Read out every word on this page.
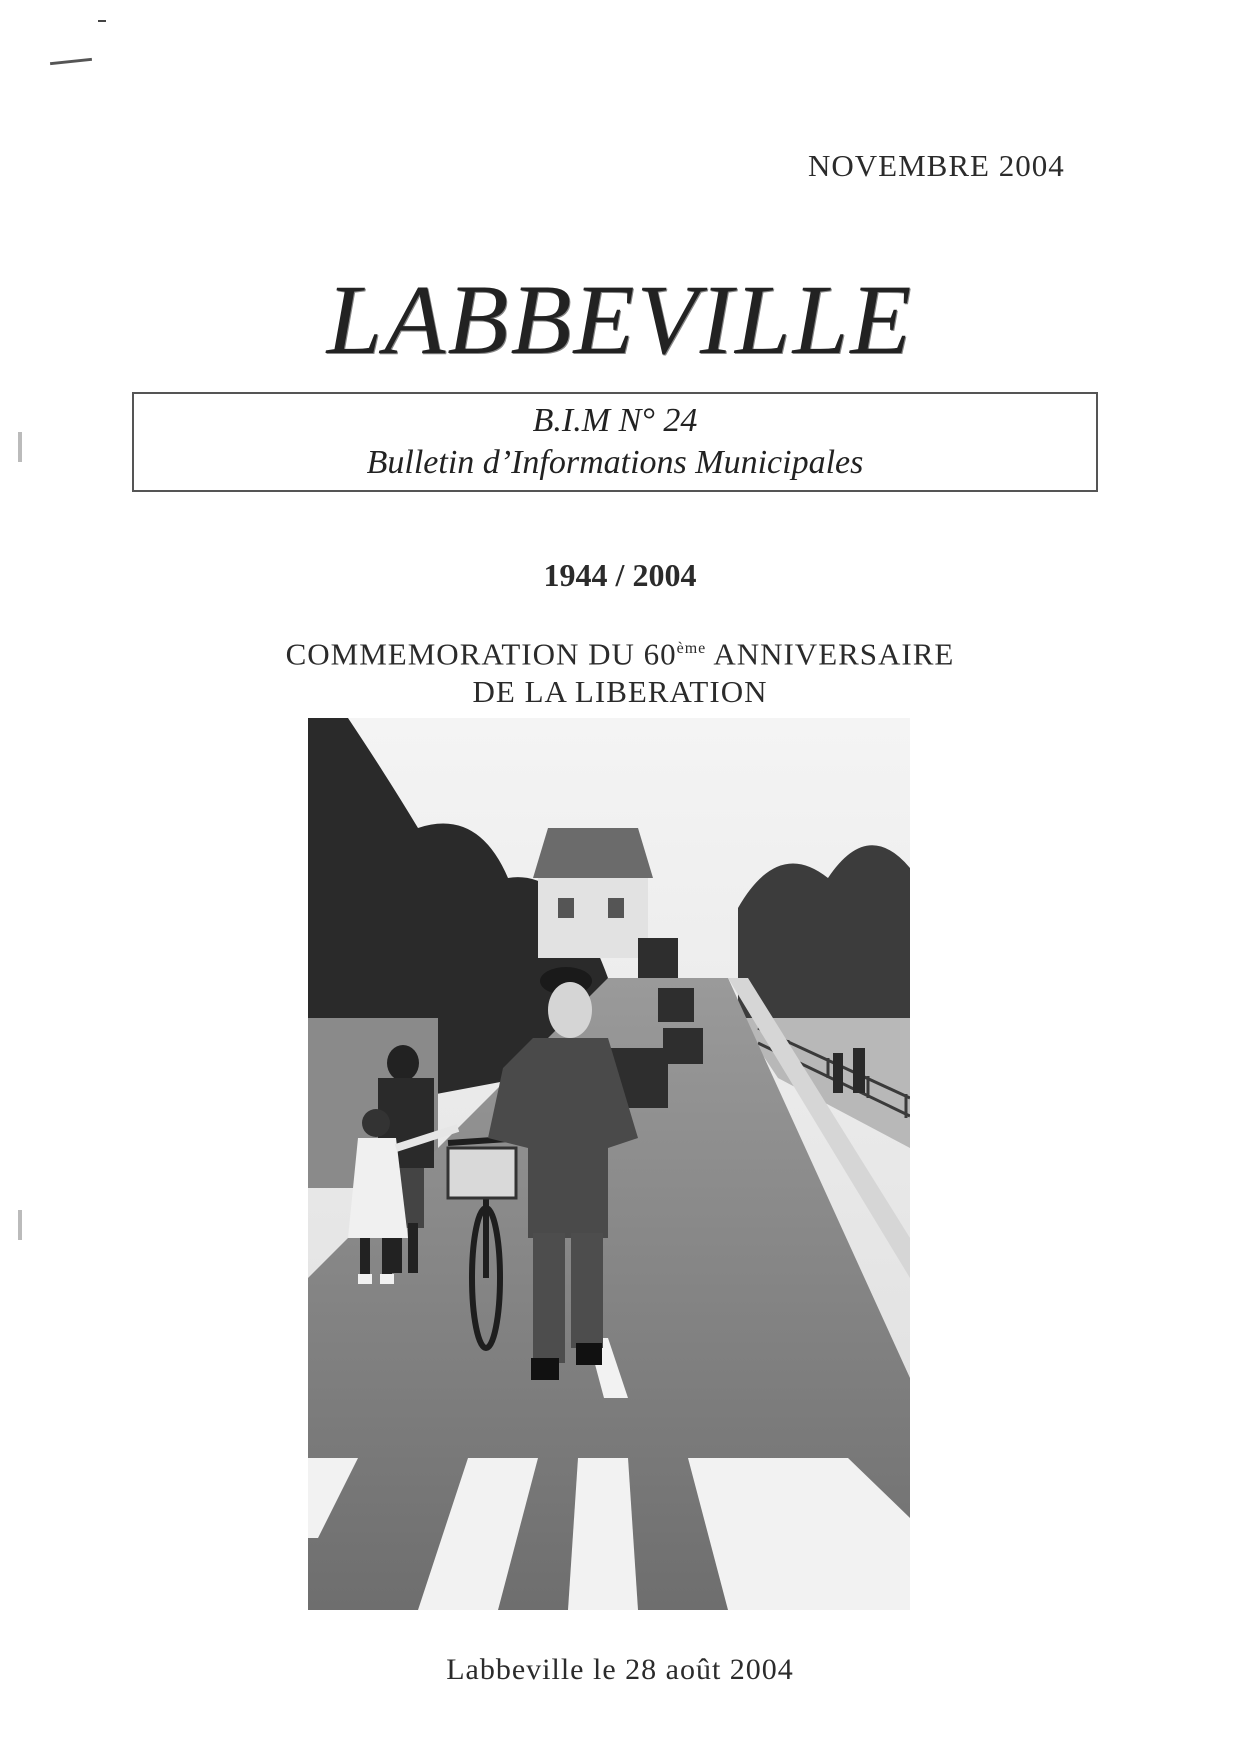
NOVEMBRE 2004
LABBEVILLE
B.I.M N° 24
Bulletin d’Informations Municipales
1944 / 2004
COMMEMORATION DU 60ème ANNIVERSAIRE
DE LA LIBERATION
Labbeville le 28 août 2004
